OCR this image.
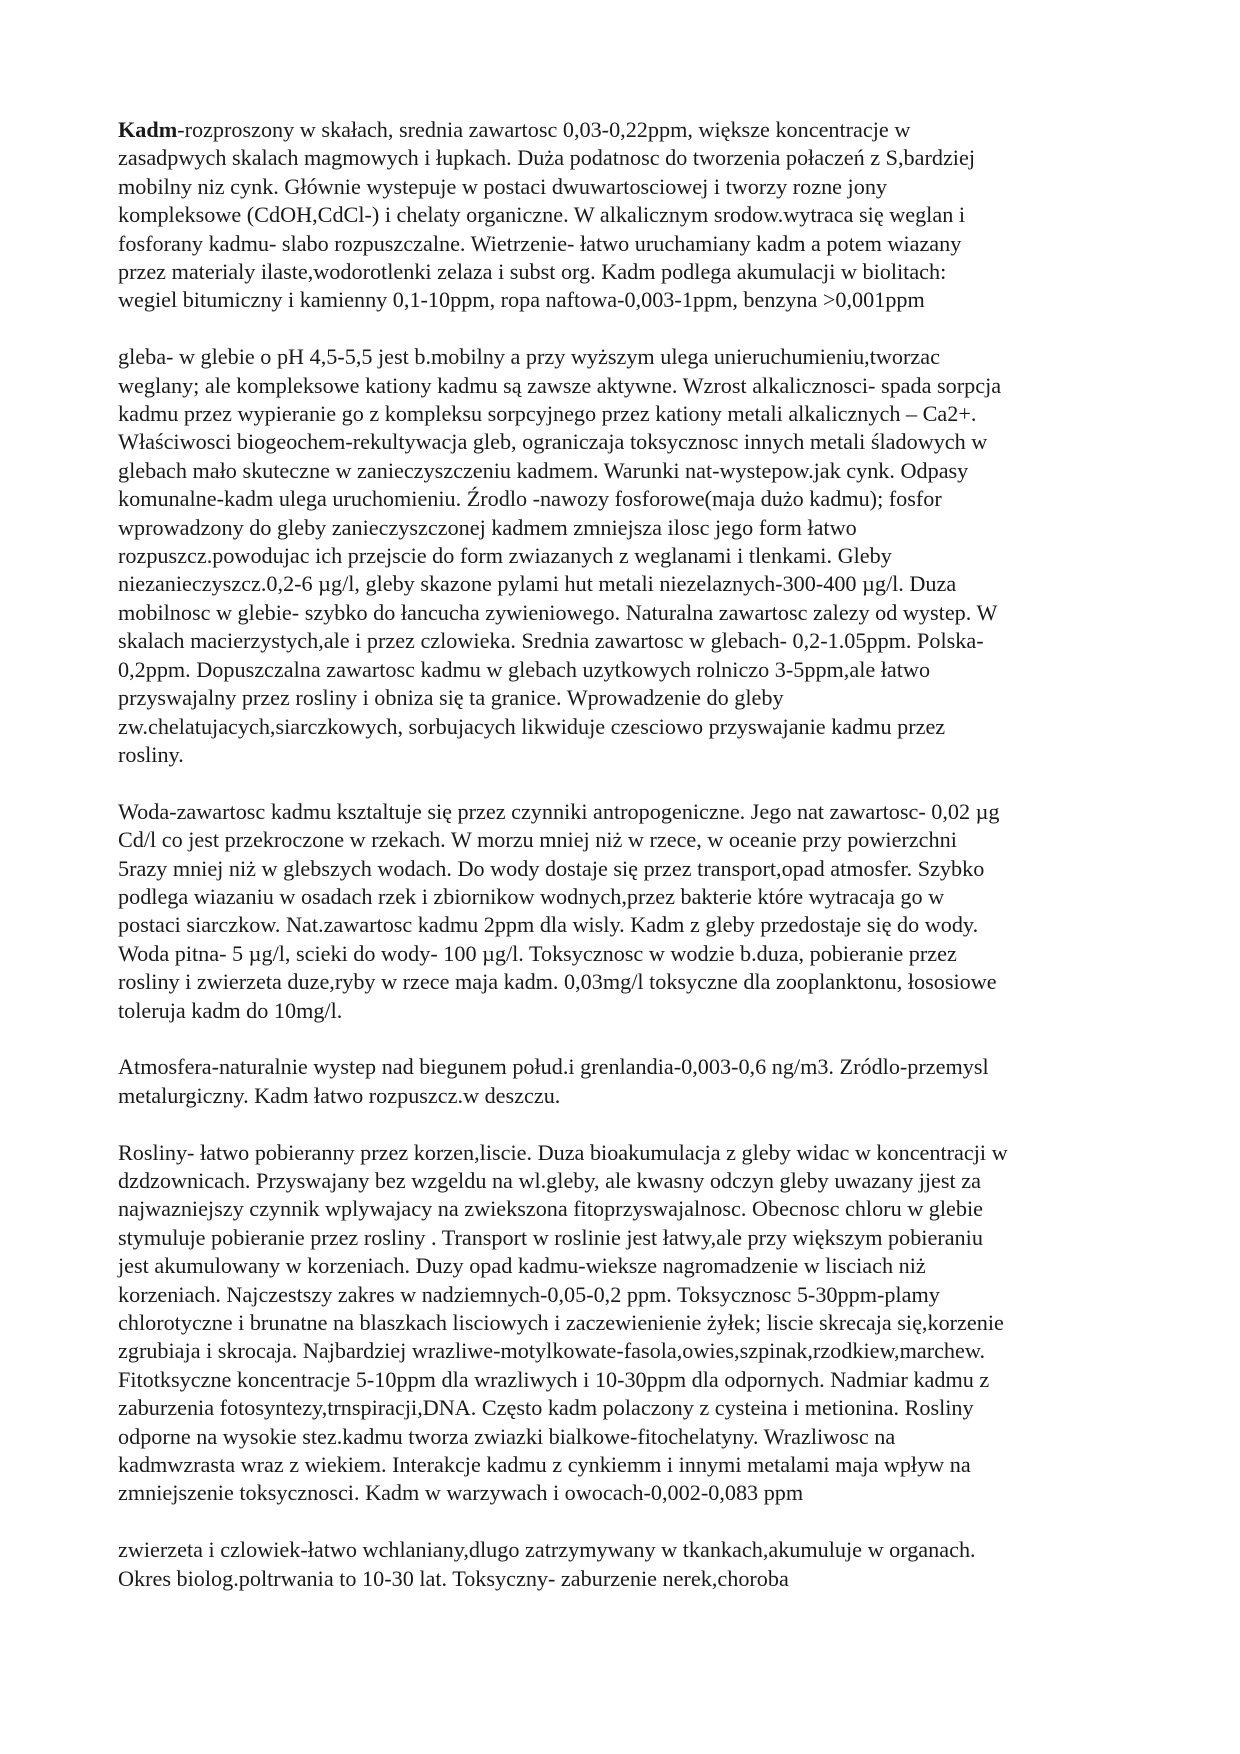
Kadm-rozproszony w skałach, srednia zawartosc 0,03-0,22ppm, większe koncentracje w
zasadpwych skalach magmowych i łupkach. Duża podatnosc do tworzenia połaczeń z S,bardziej
mobilny niz cynk. Głównie wystepuje w postaci dwuwartosciowej i tworzy rozne jony
kompleksowe (CdOH,CdCl-) i chelaty organiczne. W alkalicznym srodow.wytraca się weglan i
fosforany kadmu- slabo rozpuszczalne. Wietrzenie- łatwo uruchamiany kadm a potem wiazany
przez materialy ilaste,wodorotlenki zelaza i subst org. Kadm podlega akumulacji w biolitach:
wegiel bitumiczny i kamienny 0,1-10ppm, ropa naftowa-0,003-1ppm, benzyna >0,001ppm
gleba- w glebie o pH 4,5-5,5 jest b.mobilny a przy wyższym ulega unieruchumieniu,tworzac
weglany; ale kompleksowe kationy kadmu są zawsze aktywne. Wzrost alkalicznosci- spada sorpcja
kadmu przez wypieranie go z kompleksu sorpcyjnego przez kationy metali alkalicznych – Ca2+.
Właściwosci biogeochem-rekultywacja gleb, ograniczaja toksycznosc innych metali śladowych w
glebach mało skuteczne w zanieczyszczeniu kadmem. Warunki nat-wystepow.jak cynk. Odpasy
komunalne-kadm ulega uruchomieniu. Źrodlo -nawozy fosforowe(maja dużo kadmu); fosfor
wprowadzony do gleby zanieczyszczonej kadmem zmniejsza ilosc jego form łatwo
rozpuszcz.powodujac ich przejscie do form zwiazanych z weglanami i tlenkami. Gleby
niezanieczyszcz.0,2-6 µg/l, gleby skazone pylami hut metali niezelaznych-300-400 µg/l. Duza
mobilnosc w glebie- szybko do łancucha zywieniowego. Naturalna zawartosc zalezy od wystep. W
skalach macierzystych,ale i przez czlowieka. Srednia zawartosc w glebach- 0,2-1.05ppm. Polska-
0,2ppm. Dopuszczalna zawartosc kadmu w glebach uzytkowych rolniczo 3-5ppm,ale łatwo
przyswajalny przez rosliny i obniza się ta granice. Wprowadzenie do gleby
zw.chelatujacych,siarczkowych, sorbujacych likwiduje czesciowo przyswajanie kadmu przez
rosliny.
Woda-zawartosc kadmu ksztaltuje się przez czynniki antropogeniczne. Jego nat zawartosc- 0,02 µg
Cd/l co jest przekroczone w rzekach. W morzu mniej niż w rzece, w oceanie przy powierzchni
5razy mniej niż w glebszych wodach. Do wody dostaje się przez transport,opad atmosfer. Szybko
podlega wiazaniu w osadach rzek i zbiornikow wodnych,przez bakterie które wytracaja go w
postaci siarczkow. Nat.zawartosc kadmu 2ppm dla wisly. Kadm z gleby przedostaje się do wody.
Woda pitna- 5 µg/l, scieki do wody- 100 µg/l. Toksycznosc w wodzie b.duza, pobieranie przez
rosliny i zwierzeta duze,ryby w rzece maja kadm. 0,03mg/l toksyczne dla zooplanktonu, łososiowe
toleruja kadm do 10mg/l.
Atmosfera-naturalnie wystep nad biegunem połud.i grenlandia-0,003-0,6 ng/m3. Zródlo-przemysl
metalurgiczny. Kadm łatwo rozpuszcz.w deszczu.
Rosliny- łatwo pobieranny przez korzen,liscie. Duza bioakumulacja z gleby widac w koncentracji w
dzdzownicach. Przyswajany bez wzgeldu na wl.gleby, ale kwasny odczyn gleby uwazany jjest za
najwazniejszy czynnik wplywajacy na zwiekszona fitoprzyswajalnosc. Obecnosc chloru w glebie
stymuluje pobieranie przez rosliny . Transport w roslinie jest łatwy,ale przy większym pobieraniu
jest akumulowany w korzeniach. Duzy opad kadmu-wieksze nagromadzenie w lisciach niż
korzeniach. Najczestszy zakres w nadziemnych-0,05-0,2 ppm. Toksycznosc 5-30ppm-plamy
chlorotyczne i brunatne na blaszkach lisciowych i zaczewienienie żyłek; liscie skrecaja się,korzenie
zgrubiaja i skrocaja. Najbardziej wrazliwe-motylkowate-fasola,owies,szpinak,rzodkiew,marchew.
Fitotksyczne koncentracje 5-10ppm dla wrazliwych i 10-30ppm dla odpornych. Nadmiar kadmu z
zaburzenia fotosyntezy,trnspiracji,DNA. Często kadm polaczony z cysteina i metionina. Rosliny
odporne na wysokie stez.kadmu tworza zwiazki bialkowe-fitochelatyny. Wrazliwosc na
kadmwzrasta wraz z wiekiem. Interakcje kadmu z cynkiemm i innymi metalami maja wpływ na
zmniejszenie toksycznosci. Kadm w warzywach i owocach-0,002-0,083 ppm
zwierzeta i czlowiek-łatwo wchlaniany,dlugo zatrzymywany w tkankach,akumuluje w organach.
Okres biolog.poltrwania to 10-30 lat. Toksyczny- zaburzenie nerek,choroba
